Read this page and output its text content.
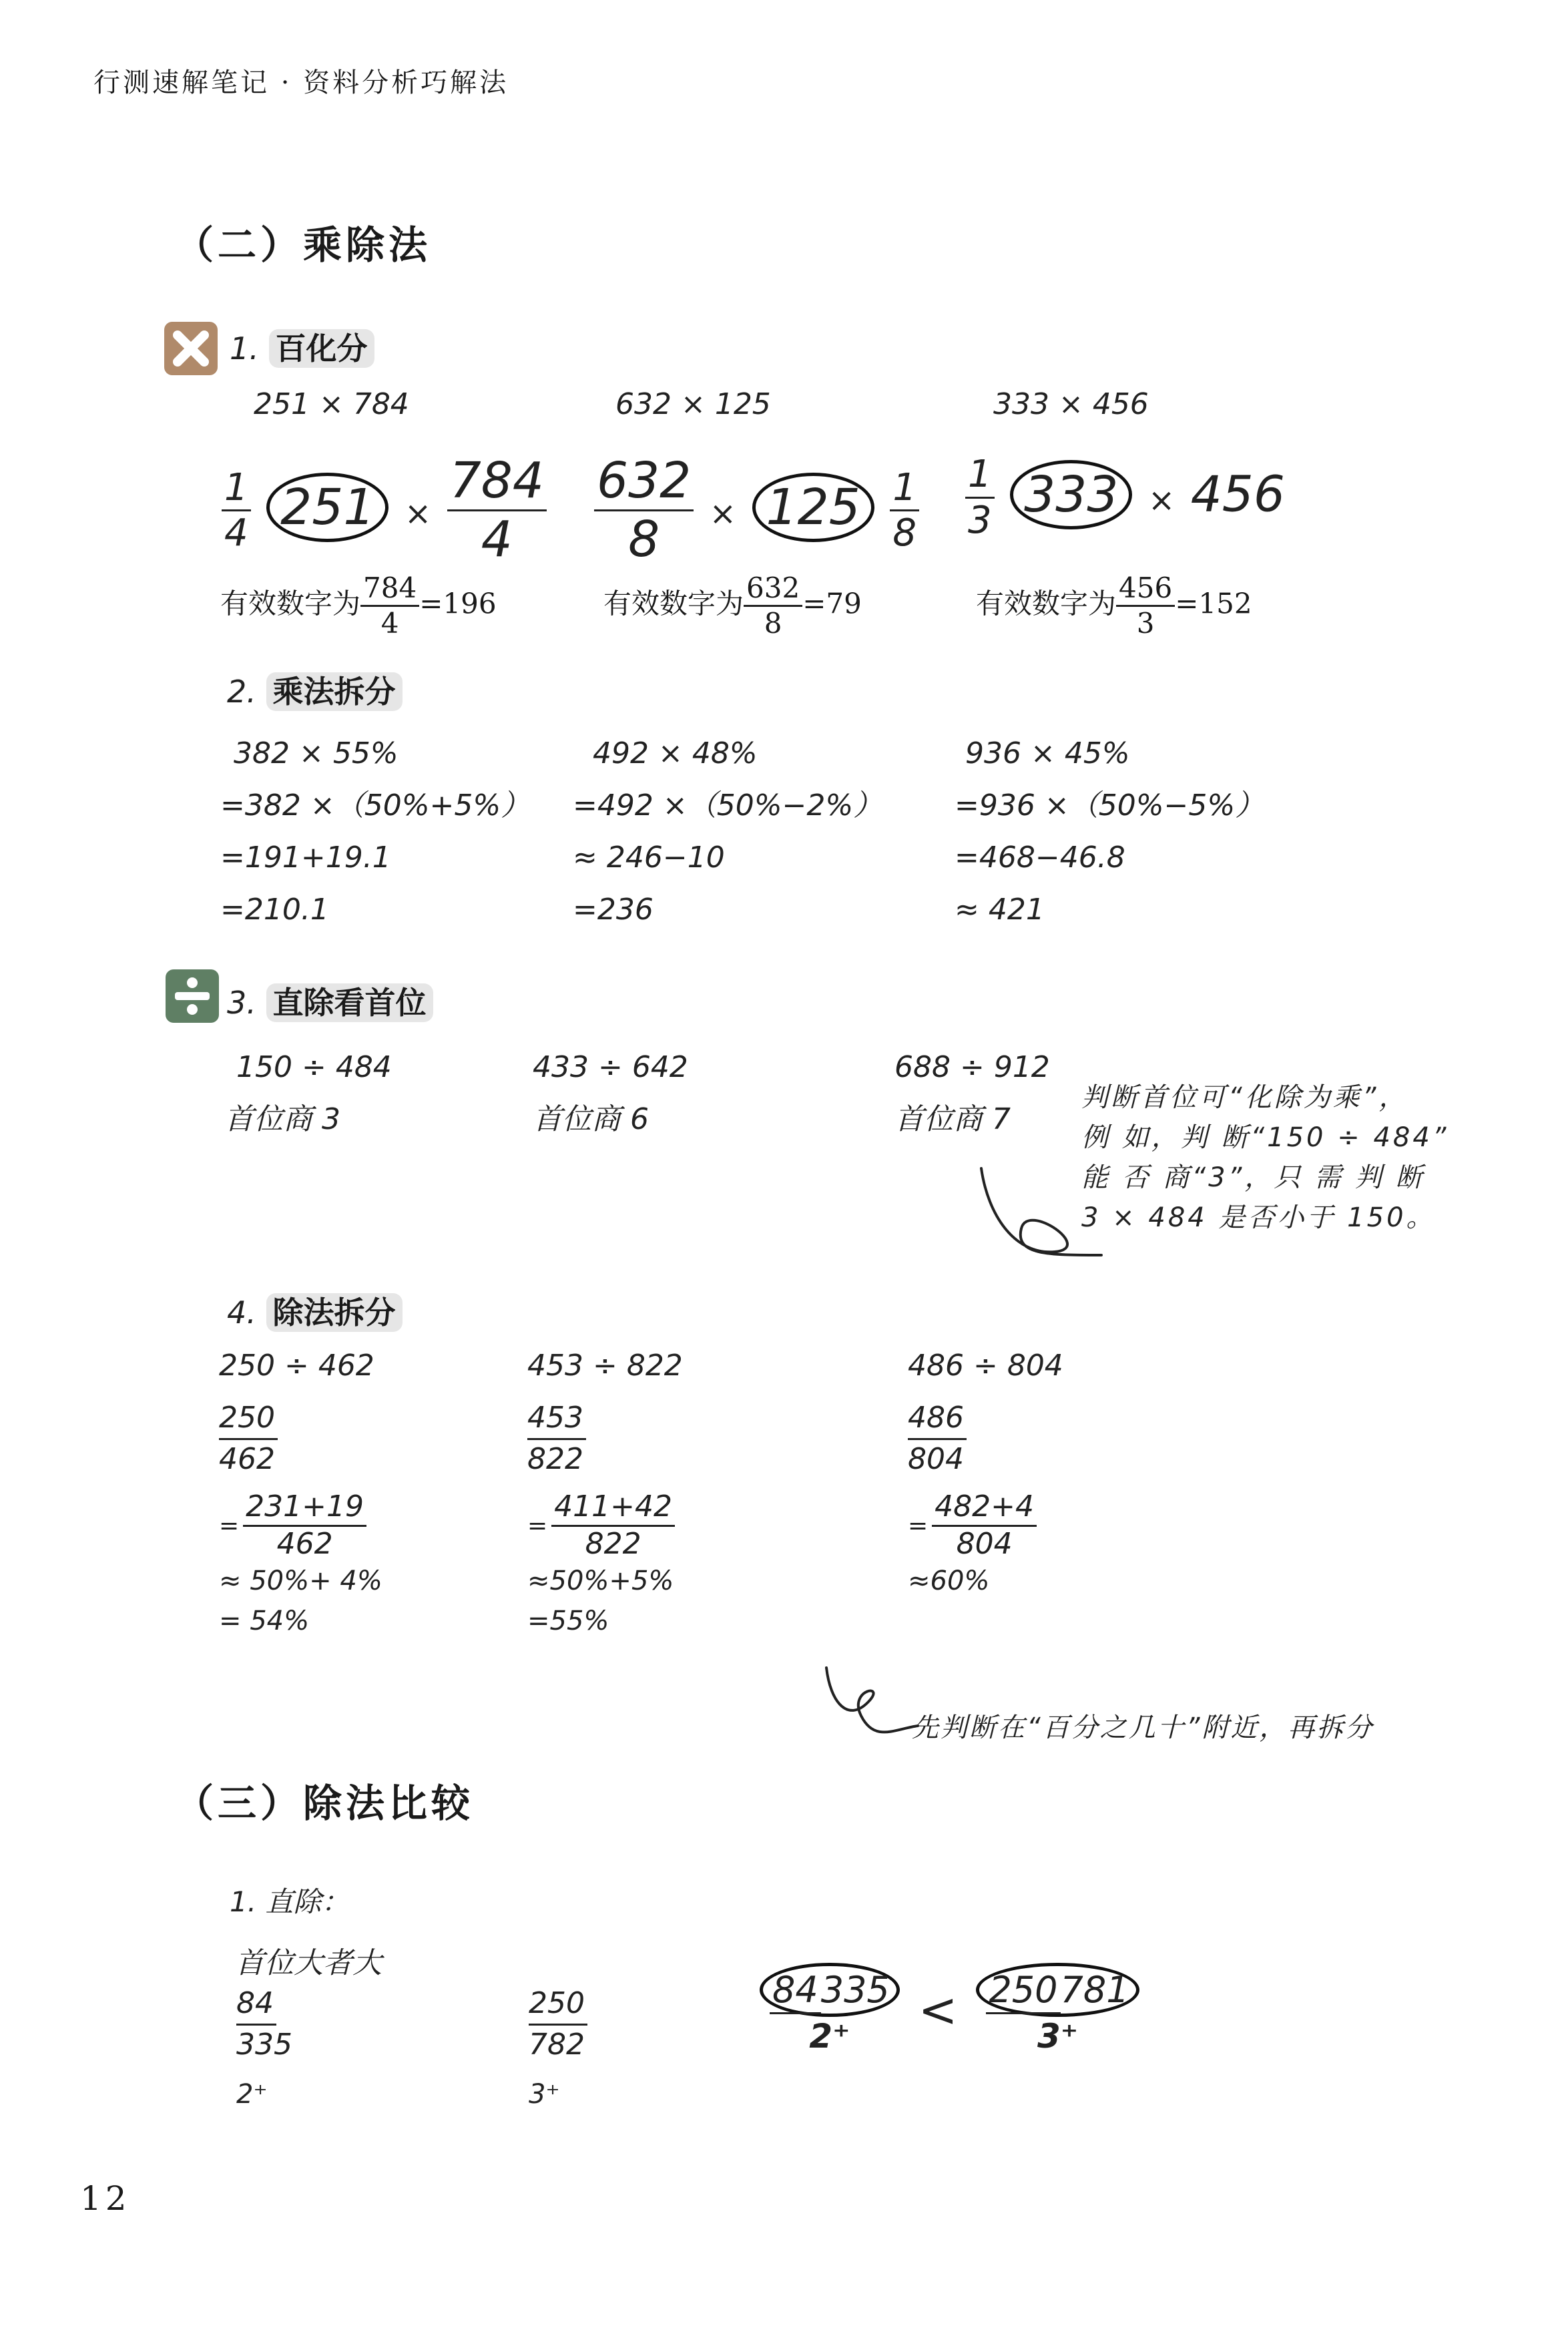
行测速解笔记 · 资料分析巧解法
（二）乘除法
1. 百化分
251 × 784
$\frac{1}{4} 251 \times \frac{784}{4}$
有效数字为 $\frac{784}{4} =196$
632 × 125
$\frac{632}{8} \times 125 \frac{1}{8}$
有效数字为 $\frac{632}{8} =79$
333 × 456
$\frac{1}{3} 333 \times 456$
有效数字为 $\frac{456}{3} =152$
2. 乘法拆分
382 × 55%
=382 ×（50%+5%）
=191+19.1
=210.1
492 × 48%
=492 ×（50%−2%）
≈ 246−10
=236
936 × 45%
=936 ×（50%−5%）
=468−46.8
≈ 421
3. 直除看首位
150 ÷ 484
首位商 3
433 ÷ 642
首位商 6
688 ÷ 912
首位商 7
判断首位可“化除为乘”，
例 如，判 断“150 ÷ 484”
能 否 商“3”，只 需 判 断
3 × 484 是否小于 150。
4. 除法拆分
250 ÷ 462
$\frac{250}{462}$
= $\frac{231+19}{462}$
≈ 50%+ 4%
= 54%
453 ÷ 822
$\frac{453}{822}$
= $\frac{411+42}{822}$
≈50%+5%
=55%
486 ÷ 804
$\frac{486}{804}$
= $\frac{482+4}{804}$
≈60%
先判断在“百分之几十”附近，再拆分
（三）除法比较
1. 直除：
首位大者大
$\frac{84}{335}$
2⁺
$\frac{250}{782}$
3⁺
84335
2⁺ < 250781
3⁺
12
